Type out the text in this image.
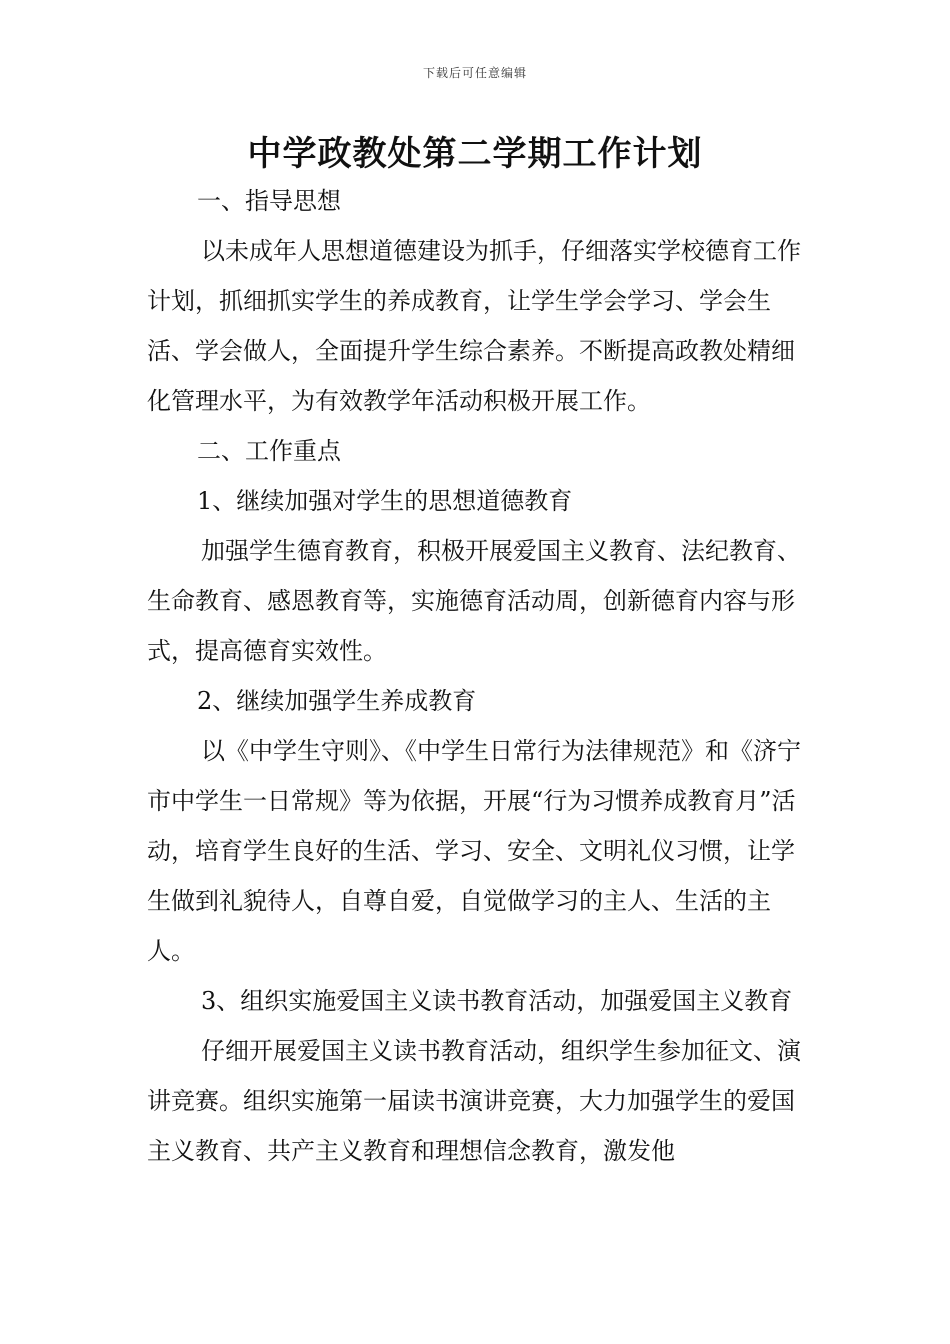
下载后可任意编辑
中学政教处第二学期工作计划

一、指导思想

以未成年人思想道德建设为抓手，仔细落实学校德育工作计划，抓细抓实学生的养成教育，让学生学会学习、学会生活、学会做人，全面提升学生综合素养。不断提高政教处精细化管理水平，为有效教学年活动积极开展工作。

二、工作重点

1、继续加强对学生的思想道德教育

加强学生德育教育，积极开展爱国主义教育、法纪教育、生命教育、感恩教育等，实施德育活动周，创新德育内容与形式，提高德育实效性。

2、继续加强学生养成教育

以《中学生守则》、《中学生日常行为法律规范》和《济宁市中学生一日常规》等为依据，开展“行为习惯养成教育月”活动，培育学生良好的生活、学习、安全、文明礼仪习惯，让学生做到礼貌待人，自尊自爱，自觉做学习的主人、生活的主人。

3、组织实施爱国主义读书教育活动，加强爱国主义教育

仔细开展爱国主义读书教育活动，组织学生参加征文、演讲竞赛。组织实施第一届读书演讲竞赛，大力加强学生的爱国主义教育、共产主义教育和理想信念教育，激发他
